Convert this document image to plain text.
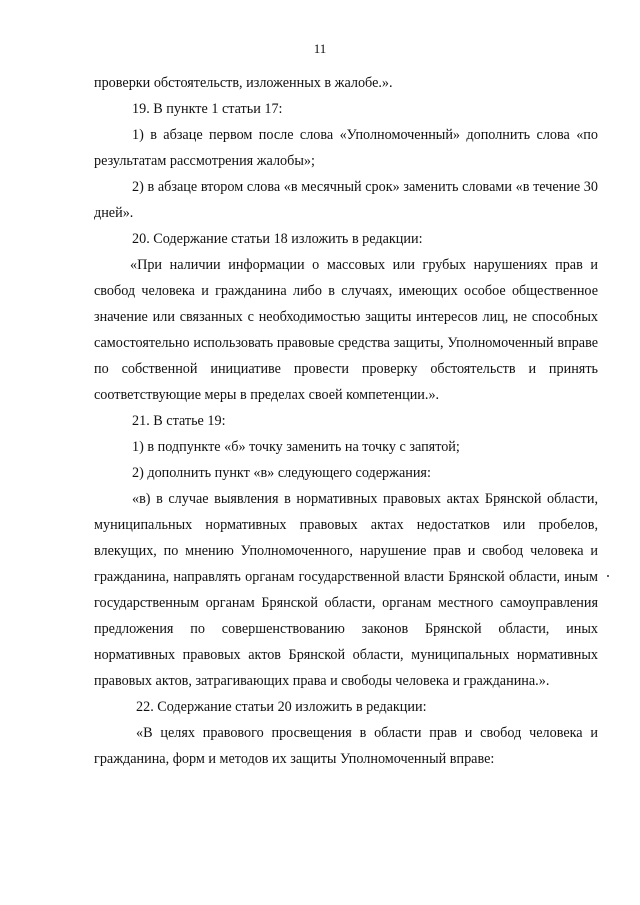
11

проверки обстоятельств, изложенных в жалобе.».

19. В пункте 1 статьи 17:

1) в абзаце первом после слова «Уполномоченный» дополнить слова «по результатам рассмотрения жалобы»;

2) в абзаце втором слова «в месячный срок» заменить словами «в течение 30 дней».

20. Содержание статьи 18 изложить в редакции:

«При наличии информации о массовых или грубых нарушениях прав и свобод человека и гражданина либо в случаях, имеющих особое общественное значение или связанных с необходимостью защиты интересов лиц, не способных самостоятельно использовать правовые средства защиты, Уполномоченный вправе по собственной инициативе провести проверку обстоятельств и принять соответствующие меры в пределах своей компетенции.».

21. В статье 19:

1) в подпункте «б» точку заменить на точку с запятой;

2) дополнить пункт «в» следующего содержания:

«в) в случае выявления в нормативных правовых актах Брянской области, муниципальных нормативных правовых актах недостатков или пробелов, влекущих, по мнению Уполномоченного, нарушение прав и свобод человека и гражданина, направлять органам государственной власти Брянской области, иным государственным органам Брянской области, органам местного самоуправления предложения по совершенствованию законов Брянской области, иных нормативных правовых актов Брянской области, муниципальных нормативных правовых актов, затрагивающих права и свободы человека и гражданина.».

22. Содержание статьи 20 изложить в редакции:

«В целях правового просвещения в области прав и свобод человека и гражданина, форм и методов их защиты Уполномоченный вправе:
